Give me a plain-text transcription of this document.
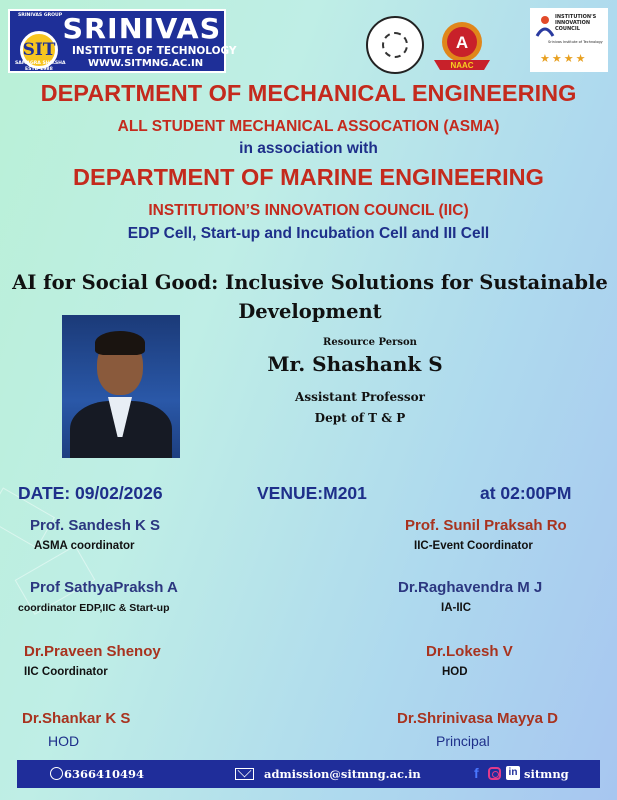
SRINIVAS GROUP
SIT
SAMAGRA SHIKSHA
ESTD 1988
SRINIVAS
INSTITUTE OF TECHNOLOGY
WWW.SITMNG.AC.IN
A
NAAC
INSTITUTION'S INNOVATION COUNCIL
Srinivas Institute of Technology
★★★★
DEPARTMENT OF MECHANICAL ENGINEERING
ALL STUDENT MECHANICAL ASSOCATION (ASMA)
in association with
DEPARTMENT OF MARINE ENGINEERING
INSTITUTION’S INNOVATION COUNCIL (IIC)
EDP Cell, Start-up and Incubation Cell and III Cell
AI for Social Good: Inclusive Solutions for Sustainable Development
Resource Person
Mr. Shashank S
Assistant Professor
Dept of T & P
DATE: 09/02/2026	VENUE:M201	at 02:00PM
Prof. Sandesh K S
ASMA coordinator
Prof. Sunil Praksah Ro
IIC-Event Coordinator
Prof SathyaPraksh A
coordinator EDP,IIC & Start-up
Dr.Raghavendra M J
IA-IIC
Dr.Praveen Shenoy
IIC Coordinator
Dr.Lokesh V
HOD
Dr.Shankar K S
HOD
Dr.Shrinivasa Mayya D
Principal
6366410494	admission@sitmng.ac.in	f	in sitmng
